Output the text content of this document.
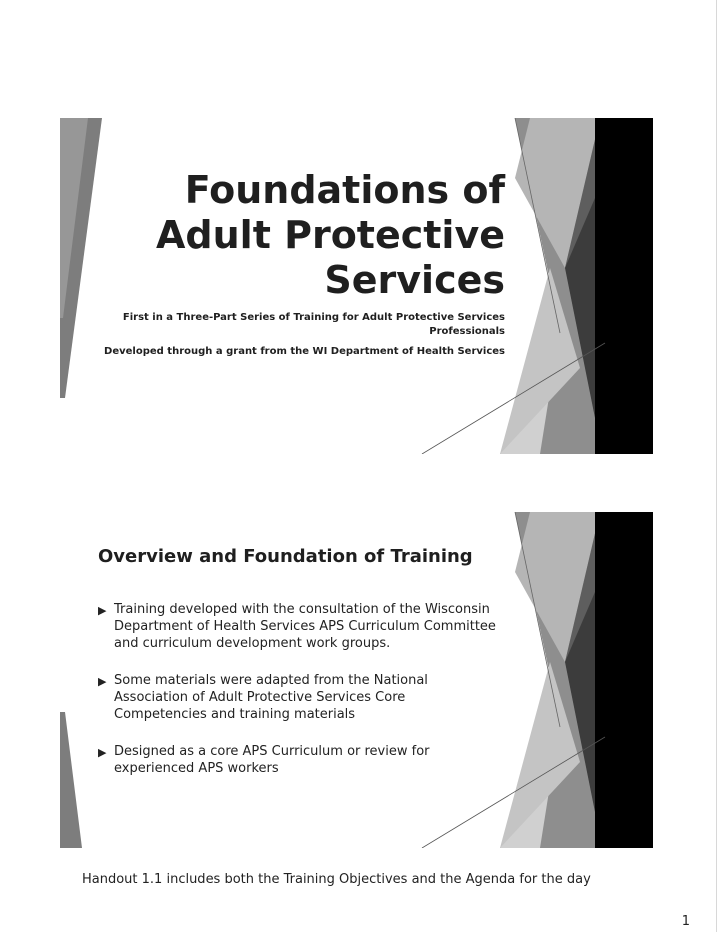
Foundations of
Adult Protective
Services
First in a Three-Part Series of Training for Adult Protective Services
Professionals
Developed through a grant from the WI Department of Health Services
Overview and Foundation of Training
▶ Training developed with the consultation of the Wisconsin
Department of Health Services APS Curriculum Committee
and curriculum development work groups.
▶ Some materials were adapted from the National
Association of Adult Protective Services Core
Competencies and training materials
▶ Designed as a core APS Curriculum or review for
experienced APS workers

Handout 1.1 includes both the Training Objectives and the Agenda for the day

1
